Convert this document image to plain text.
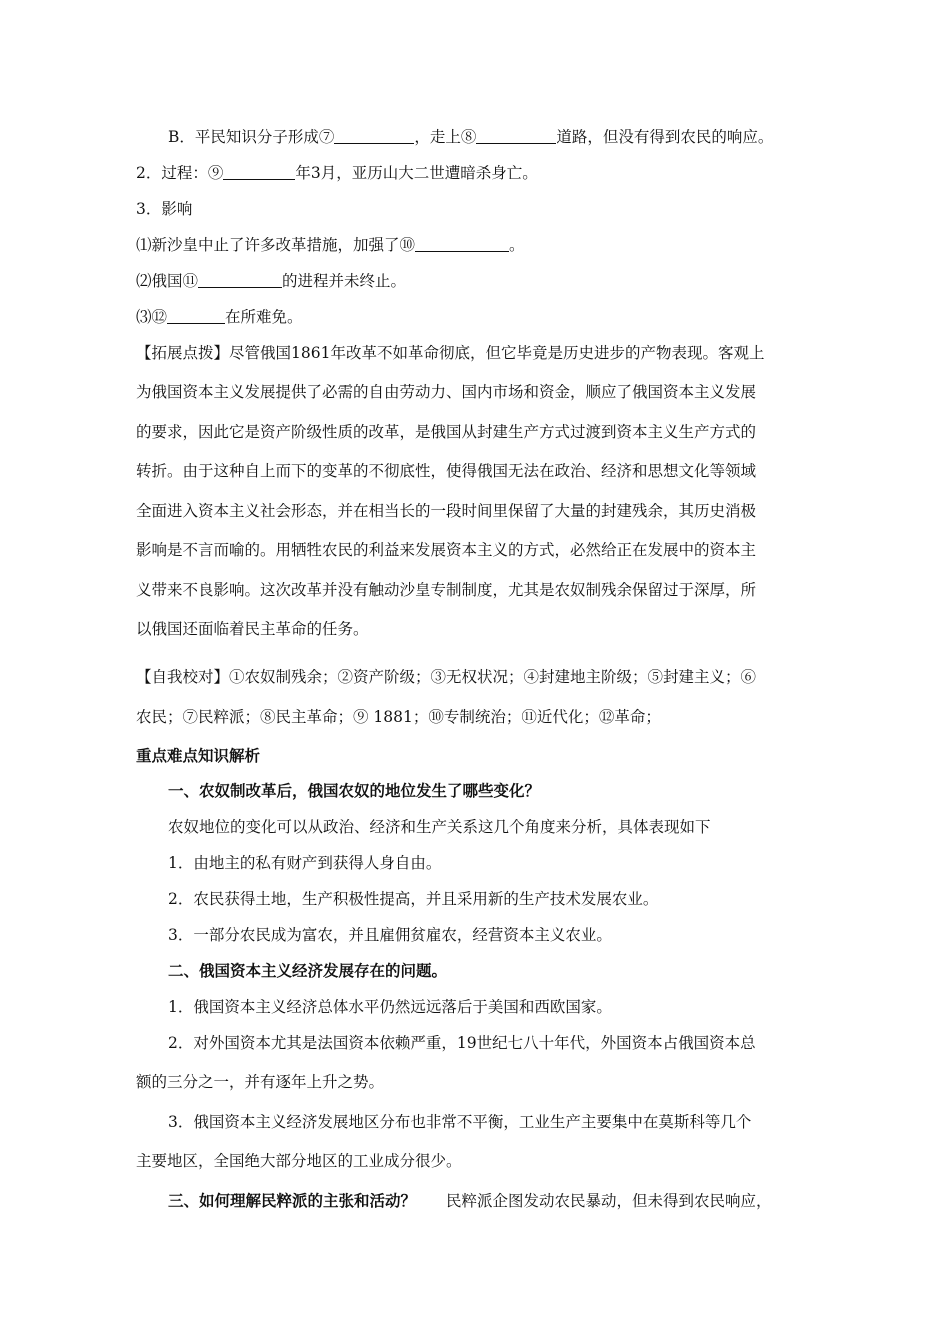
B．平民知识分子形成⑦	，走上⑧	道路，但没有得到农民的响应。
2．过程：⑨	年3月，亚历山大二世遭暗杀身亡。
3．影响
⑴新沙皇中止了许多改革措施，加强了⑩	。
⑵俄国⑪	的进程并未终止。
⑶⑫	在所难免。
【拓展点拨】尽管俄国1861年改革不如革命彻底，但它毕竟是历史进步的产物表现。客观上
为俄国资本主义发展提供了必需的自由劳动力、国内市场和资金，顺应了俄国资本主义发展
的要求，因此它是资产阶级性质的改革，是俄国从封建生产方式过渡到资本主义生产方式的
转折。由于这种自上而下的变革的不彻底性，使得俄国无法在政治、经济和思想文化等领域
全面进入资本主义社会形态，并在相当长的一段时间里保留了大量的封建残余，其历史消极
影响是不言而喻的。用牺牲农民的利益来发展资本主义的方式，必然给正在发展中的资本主
义带来不良影响。这次改革并没有触动沙皇专制制度，尤其是农奴制残余保留过于深厚，所
以俄国还面临着民主革命的任务。
【自我校对】①农奴制残余；②资产阶级；③无权状况；④封建地主阶级；⑤封建主义；⑥
农民；⑦民粹派；⑧民主革命；⑨ 1881；⑩专制统治；⑪近代化；⑫革命；
重点难点知识解析
一、农奴制改革后，俄国农奴的地位发生了哪些变化？
农奴地位的变化可以从政治、经济和生产关系这几个角度来分析，具体表现如下
1．由地主的私有财产到获得人身自由。
2．农民获得土地，生产积极性提高，并且采用新的生产技术发展农业。
3．一部分农民成为富农，并且雇佣贫雇农，经营资本主义农业。
二、俄国资本主义经济发展存在的问题。
1．俄国资本主义经济总体水平仍然远远落后于美国和西欧国家。
2．对外国资本尤其是法国资本依赖严重，19世纪七八十年代，外国资本占俄国资本总
额的三分之一，并有逐年上升之势。
3．俄国资本主义经济发展地区分布也非常不平衡，工业生产主要集中在莫斯科等几个
主要地区，全国绝大部分地区的工业成分很少。
三、如何理解民粹派的主张和活动？ 民粹派企图发动农民暴动，但未得到农民响应，
